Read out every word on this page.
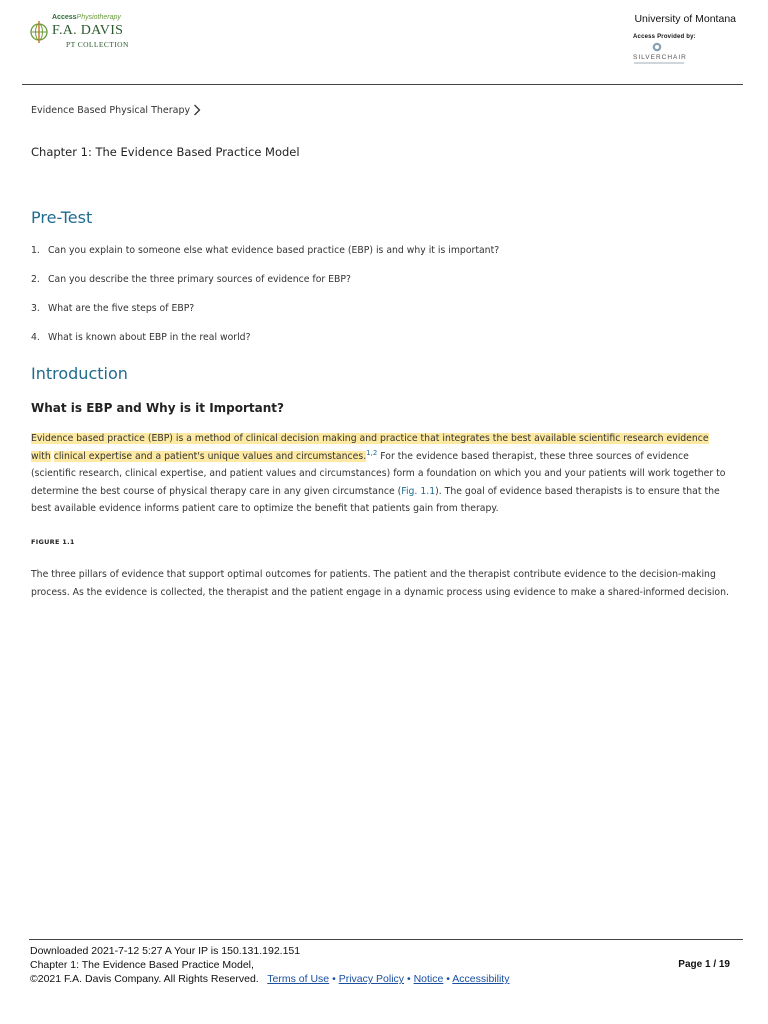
AccessPhysiotherapy
F.A. DAVIS
PT COLLECTION
University of Montana
Access Provided by:
SILVERCHAIR
Evidence Based Physical Therapy
Chapter 1: The Evidence Based Practice Model
Pre-Test
1. Can you explain to someone else what evidence based practice (EBP) is and why it is important?
2. Can you describe the three primary sources of evidence for EBP?
3. What are the five steps of EBP?
4. What is known about EBP in the real world?
Introduction
What is EBP and Why is it Important?
Evidence based practice (EBP) is a method of clinical decision making and practice that integrates the best available scientific research evidence with clinical expertise and a patient's unique values and circumstances.$^{1,2}$ For the evidence based therapist, these three sources of evidence (scientific research, clinical expertise, and patient values and circumstances) form a foundation on which you and your patients will work together to determine the best course of physical therapy care in any given circumstance (Fig. 1.1). The goal of evidence based therapists is to ensure that the best available evidence informs patient care to optimize the benefit that patients gain from therapy.
FIGURE 1.1
The three pillars of evidence that support optimal outcomes for patients. The patient and the therapist contribute evidence to the decision-making process. As the evidence is collected, the therapist and the patient engage in a dynamic process using evidence to make a shared-informed decision.
Downloaded 2021-7-12 5:27 A Your IP is 150.131.192.151
Chapter 1: The Evidence Based Practice Model,
©2021 F.A. Davis Company. All Rights Reserved. Terms of Use • Privacy Policy • Notice • Accessibility
Page 1 / 19
